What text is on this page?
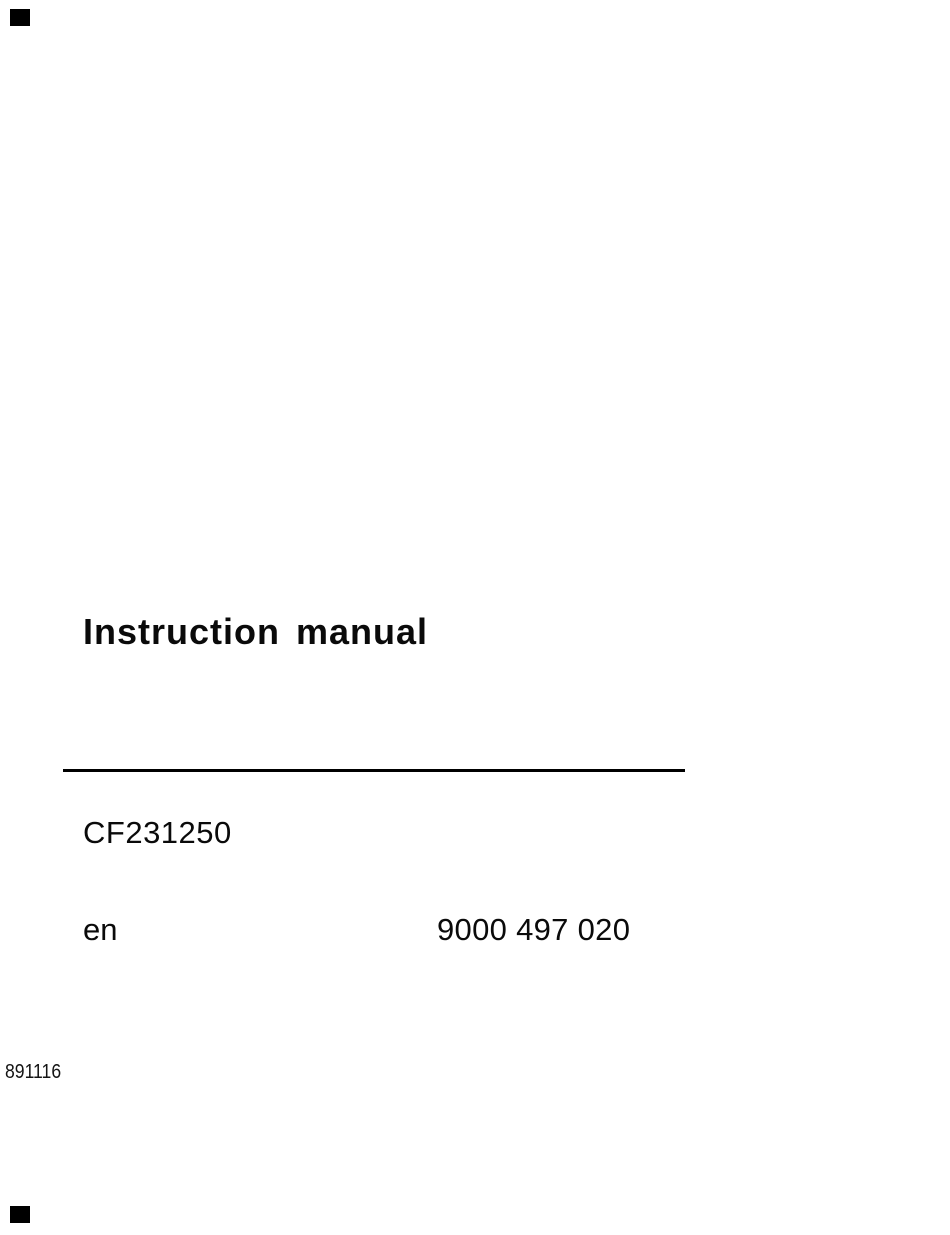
Instruction manual
CF231250
en	9000 497 020
891116
